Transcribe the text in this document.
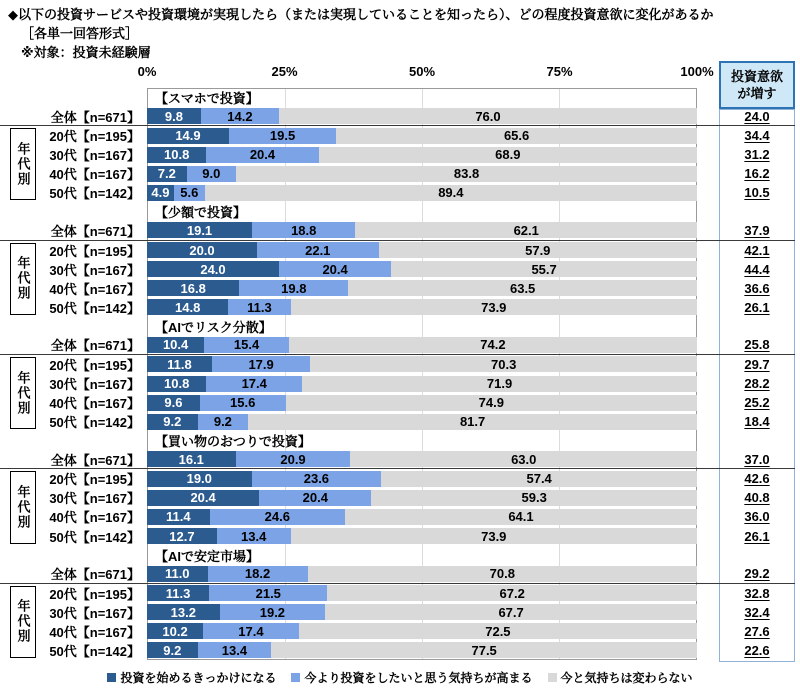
◆以下の投資サービスや投資環境が実現したら（または実現していることを知ったら）、どの程度投資意欲に変化があるか
［各単一回答形式］
※対象：投資未経験層
0%	25%	50%	75%	100%	投資意欲
が増す
【スマホで投資】
全体【n=671】	9.8	14.2	76.0	24.0
20代【n=195】	14.9	19.5	65.6	34.4
30代【n=167】	10.8	20.4	68.9	31.2
40代【n=167】	7.2	9.0	83.8	16.2
50代【n=142】 4.9 5.6	89.4	10.5
【少額で投資】
全体【n=671】	19.1	18.8	62.1	37.9
20代【n=195】	20.0	22.1	57.9	42.1
30代【n=167】	24.0	20.4	55.7	44.4
40代【n=167】	16.8	19.8	63.5	36.6
50代【n=142】	14.8	11.3	73.9	26.1
【AIでリスク分散】
全体【n=671】	10.4	15.4	74.2	25.8
20代【n=195】	11.8	17.9	70.3	29.7
30代【n=167】	10.8	17.4	71.9	28.2
40代【n=167】	9.6	15.6	74.9	25.2
50代【n=142】	9.2	9.2	81.7	18.4
【買い物のおつりで投資】
全体【n=671】	16.1	20.9	63.0	37.0
20代【n=195】	19.0	23.6	57.4	42.6
30代【n=167】	20.4	20.4	59.3	40.8
40代【n=167】	11.4	24.6	64.1	36.0
50代【n=142】	12.7	13.4	73.9	26.1
【AIで安定市場】
全体【n=671】	11.0	18.2	70.8	29.2
20代【n=195】	11.3	21.5	67.2	32.8
30代【n=167】	13.2	19.2	67.7	32.4
40代【n=167】	10.2	17.4	72.5	27.6
50代【n=142】	9.2	13.4	77.5	22.6
投資を始めるきっかけになる 今より投資をしたいと思う気持ちが高まる 今と気持ちは変わらない
年代別
年代別
年代別
年代別
年代別
